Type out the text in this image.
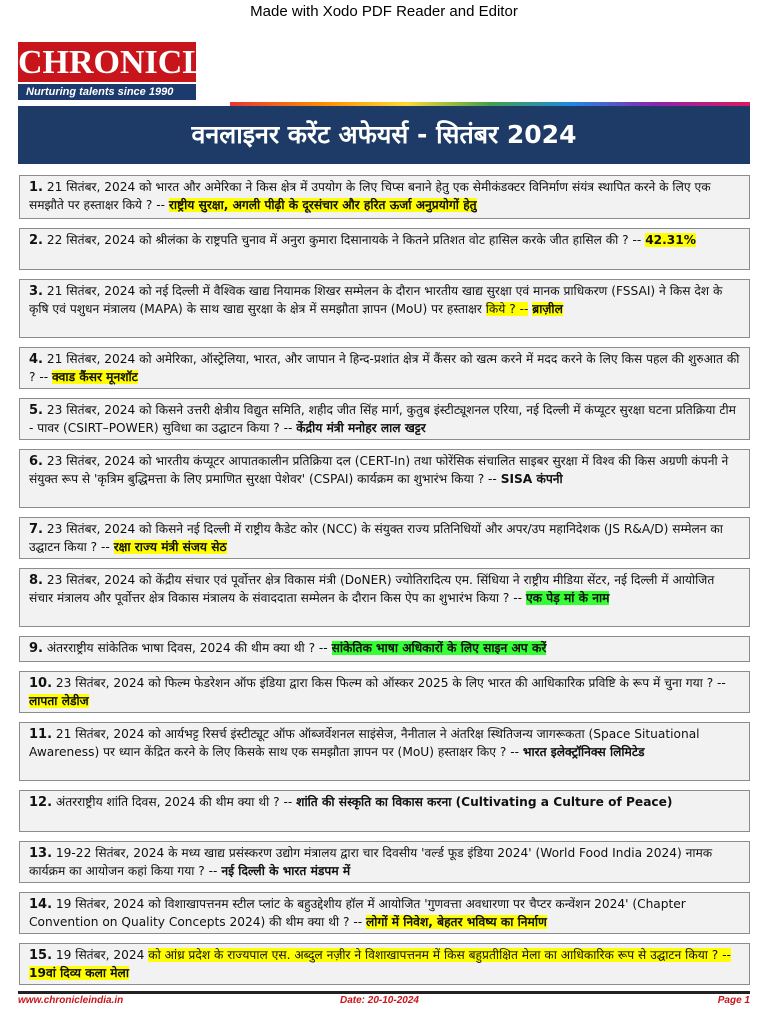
Made with Xodo PDF Reader and Editor
CHRONICLE
Nurturing talents since 1990
वनलाइनर करेंट अफेयर्स - सितंबर 2024
1. 21 सितंबर, 2024 को भारत और अमेरिका ने किस क्षेत्र में उपयोग के लिए चिप्स बनाने हेतु एक सेमीकंडक्टर विनिर्माण संयंत्र स्थापित करने के लिए एक समझौते पर हस्ताक्षर किये ? -- राष्ट्रीय सुरक्षा, अगली पीढ़ी के दूरसंचार और हरित ऊर्जा अनुप्रयोगों हेतु
2. 22 सितंबर, 2024 को श्रीलंका के राष्ट्रपति चुनाव में अनुरा कुमारा दिसानायके ने कितने प्रतिशत वोट हासिल करके जीत हासिल की ? -- 42.31%
3. 21 सितंबर, 2024 को नई दिल्ली में वैश्विक खाद्य नियामक शिखर सम्मेलन के दौरान भारतीय खाद्य सुरक्षा एवं मानक प्राधिकरण (FSSAI) ने किस देश के कृषि एवं पशुधन मंत्रालय (MAPA) के साथ खाद्य सुरक्षा के क्षेत्र में समझौता ज्ञापन (MoU) पर हस्ताक्षर किये ? -- ब्राज़ील
4. 21 सितंबर, 2024 को अमेरिका, ऑस्ट्रेलिया, भारत, और जापान ने हिन्द-प्रशांत क्षेत्र में कैंसर को खत्म करने में मदद करने के लिए किस पहल की शुरुआत की ? -- क्वाड कैंसर मूनशॉट
5. 23 सितंबर, 2024 को किसने उत्तरी क्षेत्रीय विद्युत समिति, शहीद जीत सिंह मार्ग, कुतुब इंस्टीट्यूशनल एरिया, नई दिल्ली में कंप्यूटर सुरक्षा घटना प्रतिक्रिया टीम - पावर (CSIRT–POWER) सुविधा का उद्घाटन किया ? -- केंद्रीय मंत्री मनोहर लाल खट्टर
6. 23 सितंबर, 2024 को भारतीय कंप्यूटर आपातकालीन प्रतिक्रिया दल (CERT-In) तथा फोरेंसिक संचालित साइबर सुरक्षा में विश्व की किस अग्रणी कंपनी ने संयुक्त रूप से 'कृत्रिम बुद्धिमत्ता के लिए प्रमाणित सुरक्षा पेशेवर' (CSPAI) कार्यक्रम का शुभारंभ किया ? -- SISA कंपनी
7. 23 सितंबर, 2024 को किसने नई दिल्ली में राष्ट्रीय कैडेट कोर (NCC) के संयुक्त राज्य प्रतिनिधियों और अपर/उप महानिदेशक (JS R&A/D) सम्मेलन का उद्घाटन किया ? -- रक्षा राज्य मंत्री संजय सेठ
8. 23 सितंबर, 2024 को केंद्रीय संचार एवं पूर्वोत्तर क्षेत्र विकास मंत्री (DoNER) ज्योतिरादित्य एम. सिंधिया ने राष्ट्रीय मीडिया सेंटर, नई दिल्ली में आयोजित संचार मंत्रालय और पूर्वोत्तर क्षेत्र विकास मंत्रालय के संवाददाता सम्मेलन के दौरान किस ऐप का शुभारंभ किया ? -- एक पेड़ मां के नाम
9. अंतरराष्ट्रीय सांकेतिक भाषा दिवस, 2024 की थीम क्या थी ? -- सांकेतिक भाषा अधिकारों के लिए साइन अप करें
10. 23 सितंबर, 2024 को फिल्म फेडरेशन ऑफ इंडिया द्वारा किस फिल्म को ऑस्कर 2025 के लिए भारत की आधिकारिक प्रविष्टि के रूप में चुना गया ? -- लापता लेडीज
11. 21 सितंबर, 2024 को आर्यभट्ट रिसर्च इंस्टीट्यूट ऑफ ऑब्जर्वेशनल साइंसेज, नैनीताल ने अंतरिक्ष स्थितिजन्य जागरूकता (Space Situational Awareness) पर ध्यान केंद्रित करने के लिए किसके साथ एक समझौता ज्ञापन पर (MoU) हस्ताक्षर किए ? -- भारत इलेक्ट्रॉनिक्स लिमिटेड
12. अंतरराष्ट्रीय शांति दिवस, 2024 की थीम क्या थी ? -- शांति की संस्कृति का विकास करना (Cultivating a Culture of Peace)
13. 19-22 सितंबर, 2024 के मध्य खाद्य प्रसंस्करण उद्योग मंत्रालय द्वारा चार दिवसीय 'वर्ल्ड फूड इंडिया 2024' (World Food India 2024) नामक कार्यक्रम का आयोजन कहां किया गया ? -- नई दिल्ली के भारत मंडपम में
14. 19 सितंबर, 2024 को विशाखापत्तनम स्टील प्लांट के बहुउद्देशीय हॉल में आयोजित 'गुणवत्ता अवधारणा पर चैप्टर कन्वेंशन 2024' (Chapter Convention on Quality Concepts 2024) की थीम क्या थी ? -- लोगों में निवेश, बेहतर भविष्य का निर्माण
15. 19 सितंबर, 2024 को आंध्र प्रदेश के राज्यपाल एस. अब्दुल नज़ीर ने विशाखापत्तनम में किस बहुप्रतीक्षित मेला का आधिकारिक रूप से उद्घाटन किया ? -- 19वां दिव्य कला मेला
www.chronicleindia.in	Date: 20-10-2024	Page 1
